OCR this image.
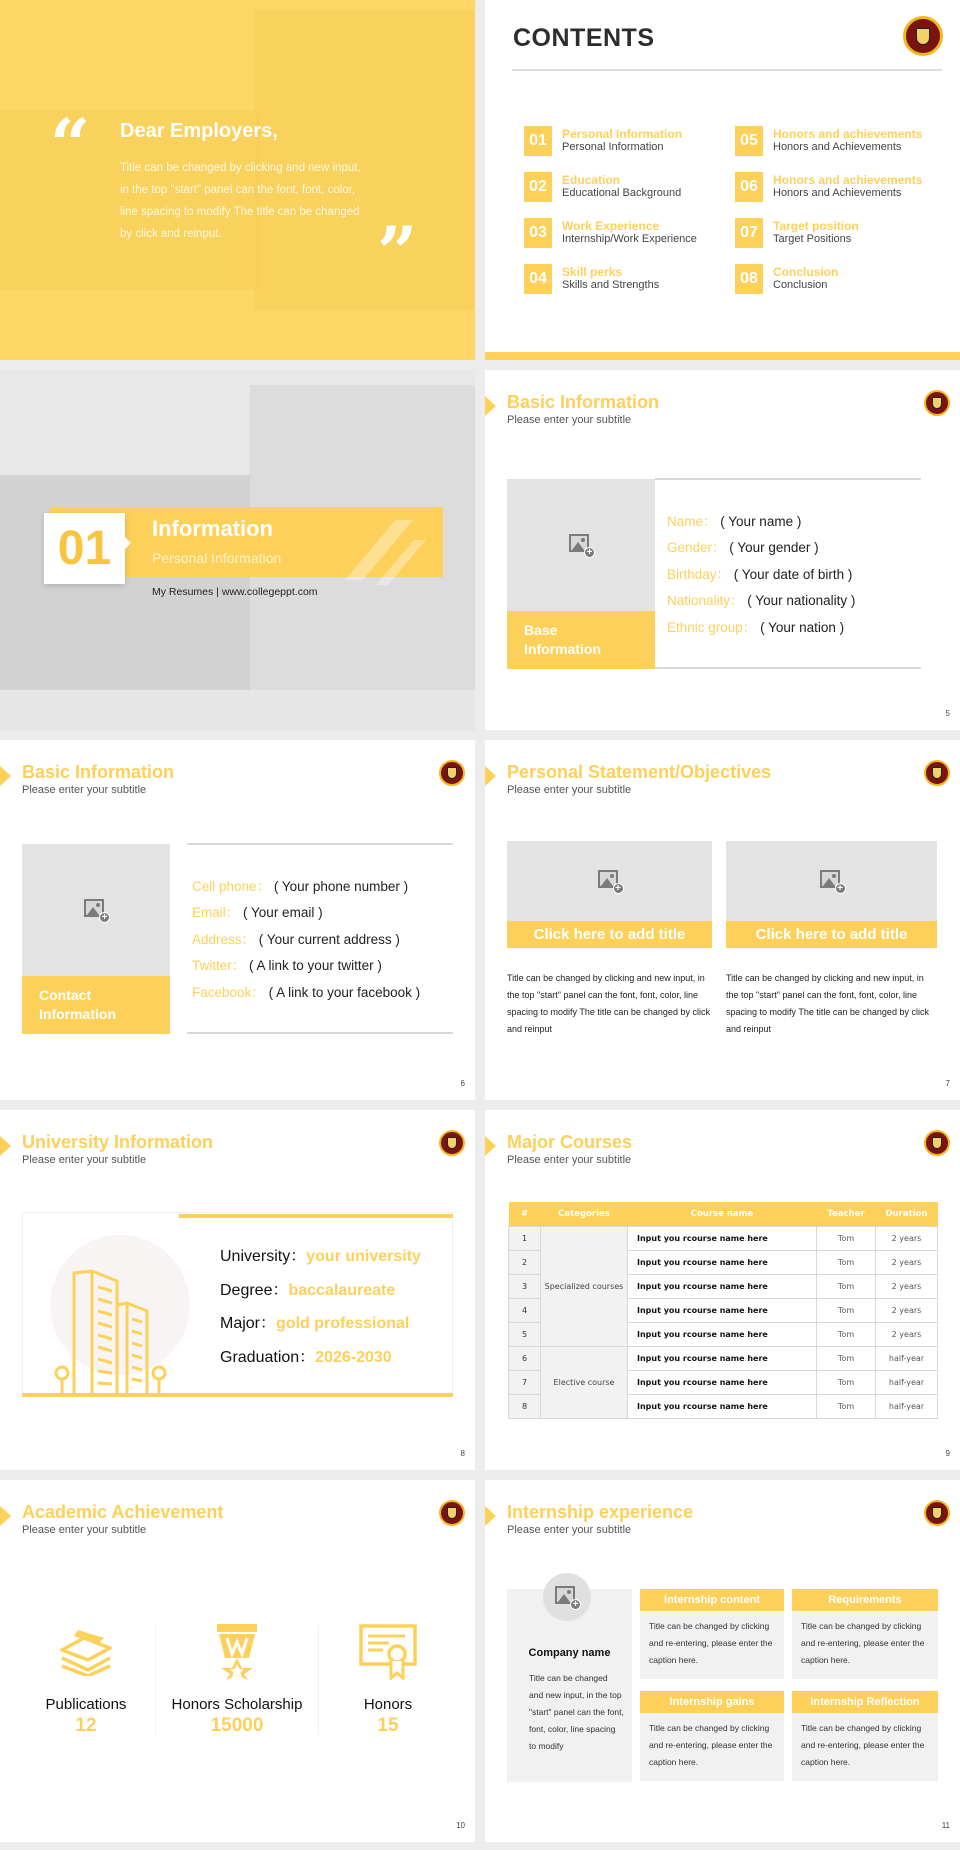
“ Dear Employers,
Title can be changed by clicking and new input, in the top "start" panel can the font, font, color, line spacing to modify The title can be changed by click and reinput.	”
CONTENTS
01	Personal Information
Personal Information
02	Education
Educational Background
03	Work Experience
Internship/Work Experience
04	Skill perks
Skills and Strengths
05	Honors and achievements
Honors and Achievements
06	Honors and achievements
Honors and Achievements
07	Target position
Target Positions
08	Conclusion
Conclusion
01	Information
Personal Information
My Resumes | www.collegeppt.com
Basic Information
Please enter your subtitle
+
Base
Information
Name： ( Your name )
Gender： ( Your gender )
Birthday： ( Your date of birth )
Nationality： ( Your nationality )
Ethnic group： ( Your nation )
5
Basic Information
Please enter your subtitle
+
Contact
Information
Cell phone： ( Your phone number )
Email： ( Your email )
Address： ( Your current address )
Twitter： ( A link to your twitter )
Facebook： ( A link to your facebook )
6
Personal Statement/Objectives
Please enter your subtitle
+
Click here to add title
+
Click here to add title
Title can be changed by clicking and new input, in the top "start" panel can the font, font, color, line spacing to modify The title can be changed by click and reinput
Title can be changed by clicking and new input, in the top "start" panel can the font, font, color, line spacing to modify The title can be changed by click and reinput
7
University Information
Please enter your subtitle
University：your university
Degree：baccalaureate
Major：gold professional
Graduation：2026-2030
8
Major Courses
Please enter your subtitle
#	Categories	Course name	Teacher	Duration
1	Specialized courses	Input you rcourse name here	Tom	2 years
2		Input you rcourse name here	Tom	2 years
3		Input you rcourse name here	Tom	2 years
4		Input you rcourse name here	Tom	2 years
5		Input you rcourse name here	Tom	2 years
6	Elective course	Input you rcourse name here	Tom	half-year
7		Input you rcourse name here	Tom	half-year
8		Input you rcourse name here	Tom	half-year
9
Academic Achievement
Please enter your subtitle
Publications
12
Honors Scholarship
15000
Honors
15
10
Internship experience
Please enter your subtitle
+
Company name
Title can be changed and new input, in the top "start" panel can the font, font, color, line spacing to modify
Internship content
Title can be changed by clicking and re-entering, please enter the caption here.
Requirements
Title can be changed by clicking and re-entering, please enter the caption here.
Internship gains
Title can be changed by clicking and re-entering, please enter the caption here.
Internship Reflection
Title can be changed by clicking and re-entering, please enter the caption here.
11
